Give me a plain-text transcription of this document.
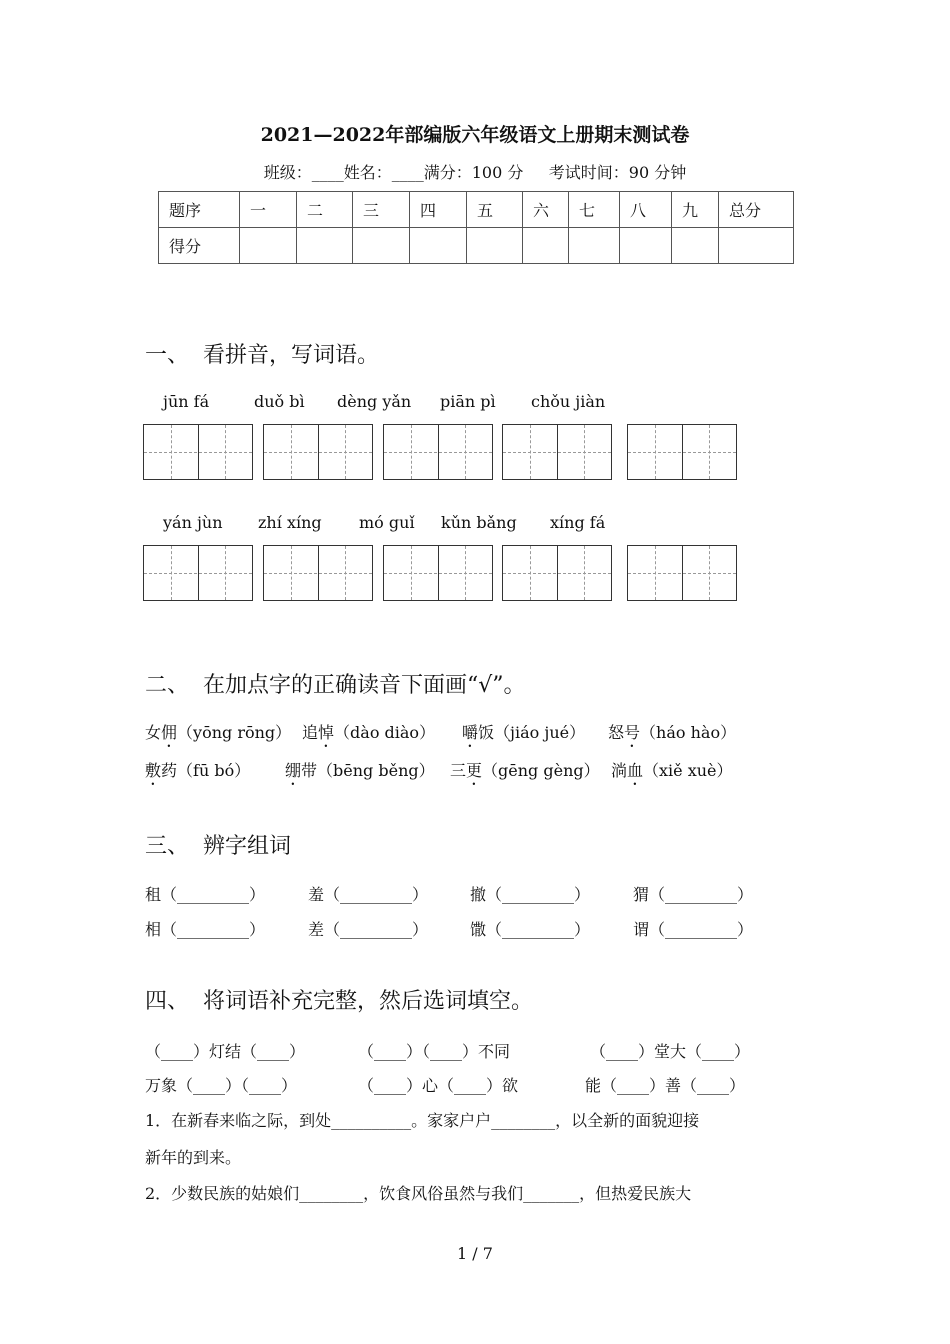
2021—2022年部编版六年级语文上册期末测试卷
班级：____姓名：____满分：100 分     考试时间：90 分钟
题序	一	二	三	四	五	六	七	八	九	总分
得分										
一、  看拼音，写词语。
jūn fá	duǒ bì dèng yǎn piān pì chǒu jiàn
yán jùn zhí xíng mó guǐ kǔn bǎng xíng fá
二、  在加点字的正确读音下面画“√”。
女佣（yōng rōng） 追悼（dào diào） 嚼饭（jiáo jué） 怒号（háo hào）
敷药（fū bó） 绷带（bēng běng） 三更（gēng gèng） 淌血（xiě xuè）
三、  辨字组词
租（_________）	羞（_________）	撤（_________）	猬（_________）
相（_________）	差（_________）	馓（_________）	谓（_________）
四、  将词语补充完整，然后选词填空。
（____）灯结（____）	（____）（____）不同	（____）堂大（____）
万象（____）（____）	（____）心（____）欲	能（____）善（____）
1．在新春来临之际，到处__________。家家户户________，以全新的面貌迎接
新年的到来。
2．少数民族的姑娘们________，饮食风俗虽然与我们_______，但热爱民族大
1 / 7
